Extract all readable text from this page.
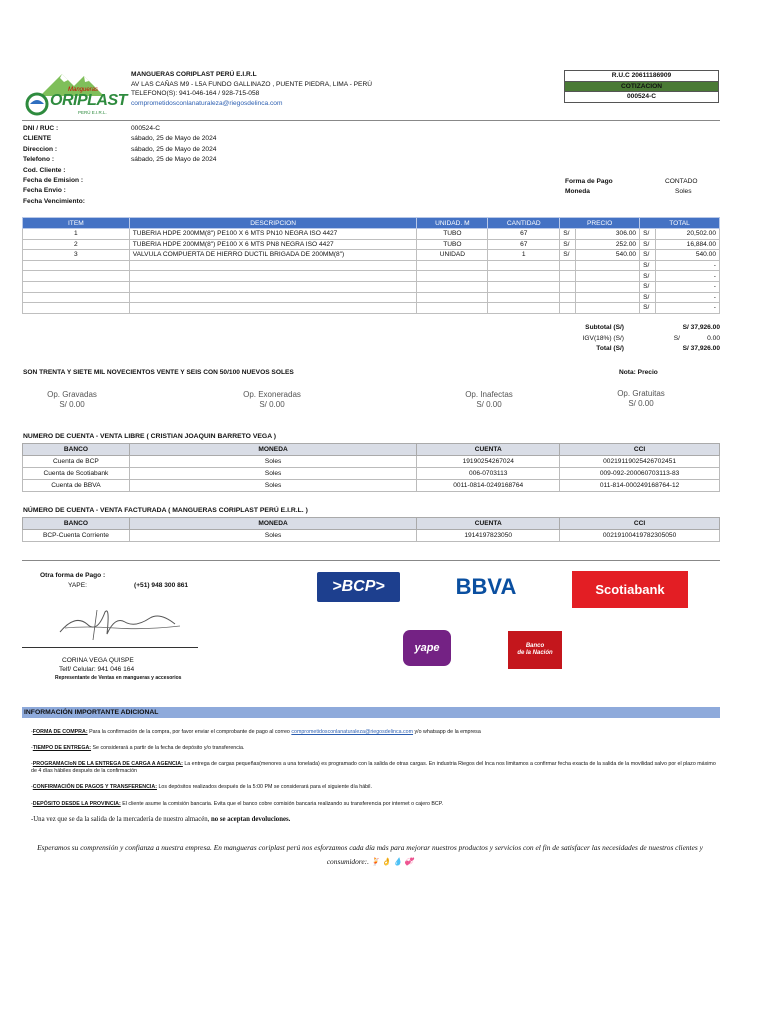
ORIPLAST
Mangueras
PERÚ E.I.R.L.
MANGUERAS CORIPLAST PERÚ E.I.R.L
AV LAS CAÑAS M9 - L5A FUNDO GALLINAZO , PUENTE PIEDRA, LIMA - PERÚ
TELEFONO(S): 941-046-164 / 928-715-058
comprometidosconlanaturaleza@riegosdelinca.com
R.U.C 20611186909
COTIZACION
000524-C
DNI / RUC :	000524-C
CLIENTE	sábado, 25 de Mayo de 2024
Direccion :	sábado, 25 de Mayo de 2024
Telefono :	sábado, 25 de Mayo de 2024
Cod. Cliente :
Fecha de Emision :
Fecha Envio :
Fecha Vencimiento:
Forma de Pago	CONTADO
Moneda	Soles
ITEM	DESCRIPCION	UNIDAD. M	CANTIDAD	PRECIO		TOTAL	
1	TUBERIA HDPE 200MM(8") PE100 X 6 MTS PN10 NEGRA ISO 4427	TUBO	67	S/	306.00	S/	20,502.00
2	TUBERIA HDPE 200MM(8") PE100 X 6 MTS PN8 NEGRA ISO 4427	TUBO	67	S/	252.00	S/	16,884.00
3	VALVULA COMPUERTA DE HIERRO DUCTIL BRIGADA DE 200MM(8")	UNIDAD	1	S/	540.00	S/	540.00
						S/	-
						S/	-
						S/	-
						S/	-
						S/	-
Subtotal (S/)	S/ 37,926.00
IGV(18%) (S/)	S/	0.00
Total (S/)	S/ 37,926.00
SON TRENTA Y SIETE MIL NOVECIENTOS VENTE Y SEIS CON 50/100 NUEVOS SOLES	Nota: Precio
Op. Gravadas
S/ 0.00
Op. Exoneradas
S/ 0.00
Op. Inafectas
S/ 0.00
Op. Gratuitas
S/ 0.00
NUMERO DE CUENTA - VENTA LIBRE ( CRISTIAN JOAQUIN BARRETO VEGA )
BANCO	MONEDA	CUENTA	CCI
Cuenta de BCP	Soles	19190254267024	00219119025426702451
Cuenta de Scotiabank	Soles	006-0703113	009-092-200060703113-83
Cuenta de BBVA	Soles	0011-0814-0249168764	011-814-000249168764-12
NÚMERO DE CUENTA - VENTA FACTURADA ( MANGUERAS CORIPLAST PERÚ E.I.R.L. )
BANCO	MONEDA	CUENTA	CCI
BCP-Cuenta Corriente	Soles	1914197823050	00219100419782305050
Otra forma de Pago :
YAPE:	(+51) 948 300 861
CORINA VEGA QUISPE
Telf/ Celular: 941 046 164
Representante de Ventas en mangueras y accesorios
>BCP>	BBVA	Scotiabank
yape	Banco
de la Nación
INFORMACIÓN IMPORTANTE ADICIONAL
-FORMA DE COMPRA: Para la confirmación de la compra, por favor enviar el comprobante de pago al correo comprometidosconlanaturaleza@riegosdelinca.com y/o whatsapp de la empresa
-TIEMPO DE ENTREGA: Se considerará a partir de la fecha de depósito y/o transferencia.
-PROGRAMACIoN DE LA ENTREGA DE CARGA A AGENCIA: La entrega de cargas pequeñas(menores a una tonelada) es programado con la salida de otras cargas. En industria Riegos del Inca nos limitamos a confirmar fecha exacta de la salida de la movilidad salvo por el plazo máximo de 4 días hábiles después de la confirmación
-CONFIRMACIÓN DE PAGOS Y TRANSFERENCIA: Los depósitos realizados después de la 5:00 PM se considerará para el siguiente día hábil.
-DEPÓSITO DESDE LA PROVINCIA: El cliente asume la comisión bancaria. Evita que el banco cobre comisión bancaria realizando su transferencia por internet o cajero BCP.
-Una vez que se da la salida de la mercadería de nuestro almacén, no se aceptan devoluciones.
Esperamos su comprensión y confianza a nuestra empresa. En mangueras coriplast perú nos esforzamos cada día más para mejorar nuestros productos y servicios con el fin de satisfacer las necesidades de nuestros clientes y consumidore:. 🍹 👌 💧 💞
